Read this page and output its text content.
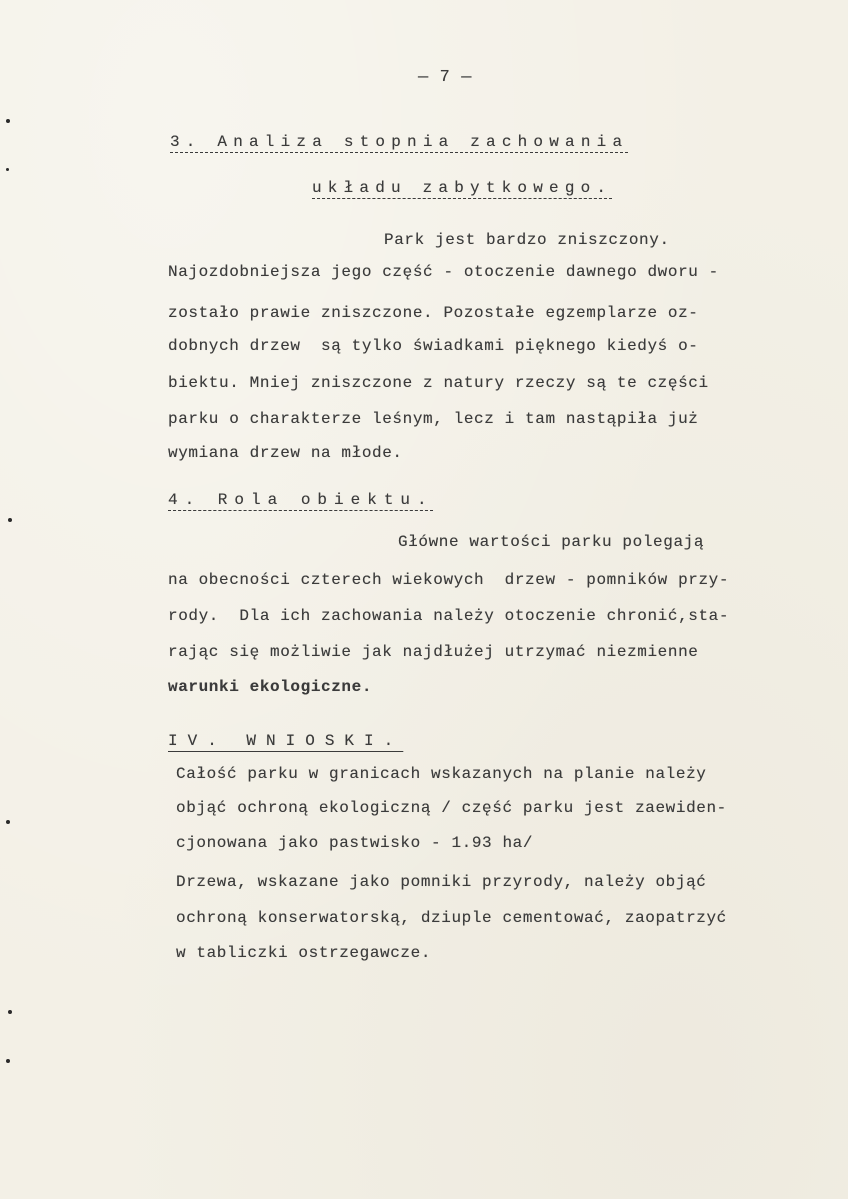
— 7 —
3. Analiza stopnia zachowania
układu zabytkowego.
Park jest bardzo zniszczony.
Najozdobniejsza jego część - otoczenie dawnego dworu -
zostało prawie zniszczone. Pozostałe egzemplarze oz-
dobnych drzew  są tylko świadkami pięknego kiedyś o-
biektu. Mniej zniszczone z natury rzeczy są te części
parku o charakterze leśnym, lecz i tam nastąpiła już
wymiana drzew na młode.
4. Rola obiektu.
Główne wartości parku polegają
na obecności czterech wiekowych  drzew - pomników przy-
rody.  Dla ich zachowania należy otoczenie chronić,sta-
rając się możliwie jak najdłużej utrzymać niezmienne
warunki ekologiczne.
IV. WNIOSKI.
Całość parku w granicach wskazanych na planie należy
objąć ochroną ekologiczną / część parku jest zaewiden-
cjonowana jako pastwisko - 1.93 ha/
Drzewa, wskazane jako pomniki przyrody, należy objąć
ochroną konserwatorską, dziuple cementować, zaopatrzyć
w tabliczki ostrzegawcze.
